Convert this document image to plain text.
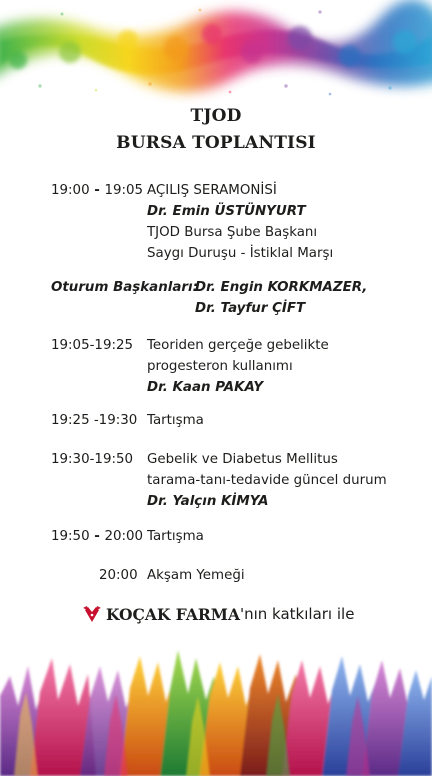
TJOD
BURSA TOPLANTISI
19:00 - 19:05 AÇILIŞ SERAMONİSİ
Dr. Emin ÜSTÜNYURT
TJOD Bursa Şube Başkanı
Saygı Duruşu - İstiklal Marşı
Oturum Başkanları:
Dr. Engin KORKMAZER,
Dr. Tayfur ÇİFT
19:05-19:25 Teoriden gerçeğe gebelikte
progesteron kullanımı
Dr. Kaan PAKAY
19:25 -19:30 Tartışma
19:30-19:50 Gebelik ve Diabetus Mellitus
tarama-tanı-tedavide güncel durum
Dr. Yalçın KİMYA
19:50 - 20:00 Tartışma
20:00 Akşam Yemeği
KOÇAK FARMA 'nın katkıları ile
